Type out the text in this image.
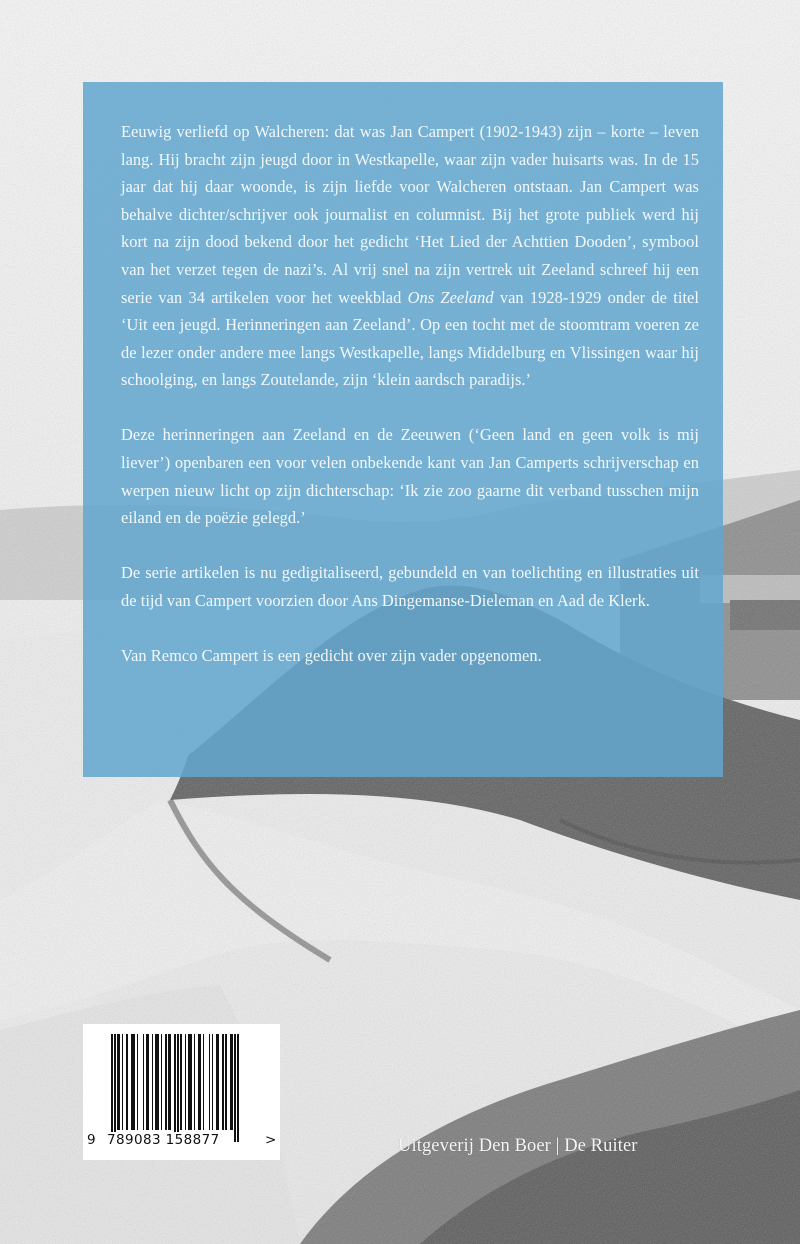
Eeuwig verliefd op Walcheren: dat was Jan Campert (1902-1943) zijn – korte – leven lang. Hij bracht zijn jeugd door in Westkapelle, waar zijn vader huisarts was. In de 15 jaar dat hij daar woonde, is zijn liefde voor Walcheren ontstaan. Jan Campert was behalve dichter/schrijver ook journalist en columnist. Bij het grote publiek werd hij kort na zijn dood bekend door het gedicht ‘Het Lied der Achttien Dooden’, symbool van het verzet tegen de nazi’s. Al vrij snel na zijn vertrek uit Zeeland schreef hij een serie van 34 artikelen voor het weekblad Ons Zeeland van 1928-1929 onder de titel ‘Uit een jeugd. Herinneringen aan Zeeland’. Op een tocht met de stoomtram voeren ze de lezer onder andere mee langs Westkapelle, langs Middelburg en Vlissingen waar hij schoolging, en langs Zoutelande, zijn ‘klein aardsch paradijs.’

Deze herinneringen aan Zeeland en de Zeeuwen (‘Geen land en geen volk is mij liever’) openbaren een voor velen onbekende kant van Jan Camperts schrijverschap en werpen nieuw licht op zijn dichterschap: ‘Ik zie zoo gaarne dit verband tusschen mijn eiland en de poëzie gelegd.’

De serie artikelen is nu gedigitaliseerd, gebundeld en van toelichting en illustraties uit de tijd van Campert voorzien door Ans Dingemanse-Dieleman en Aad de Klerk.

Van Remco Campert is een gedicht over zijn vader opgenomen.

9 789083 158877	>	Uitgeverij Den Boer | De Ruiter
